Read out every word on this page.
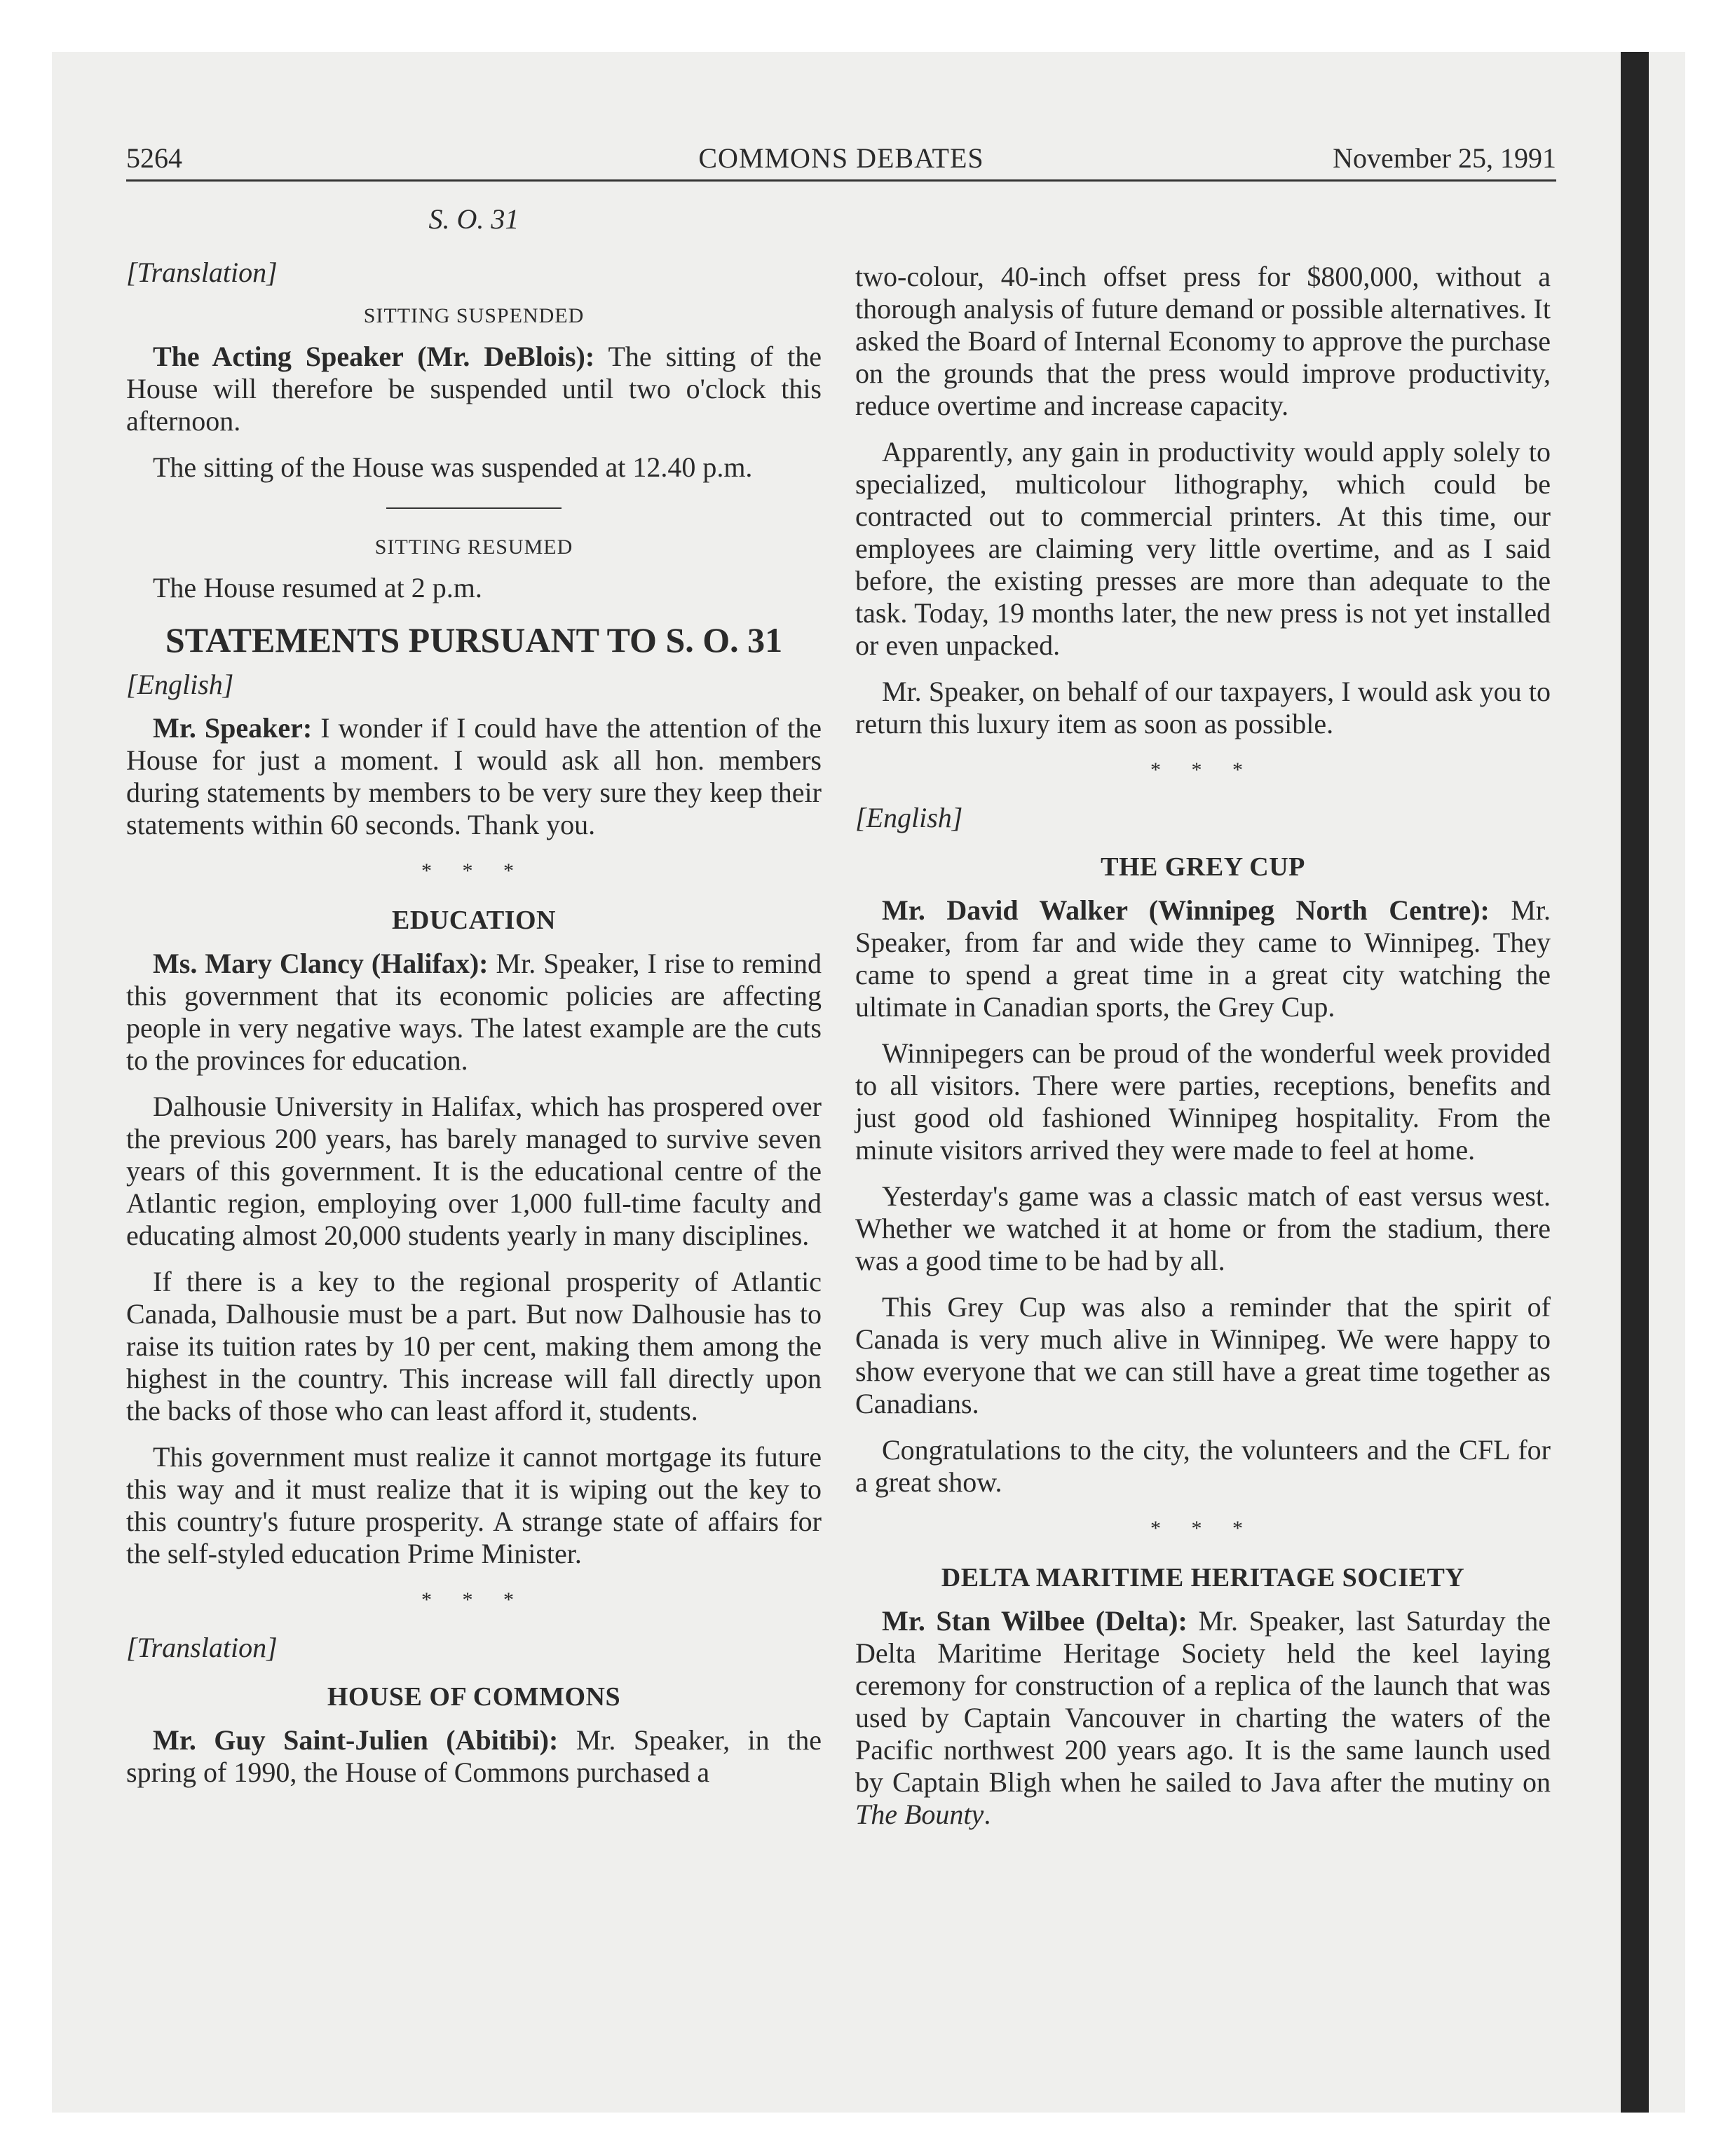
5264	COMMONS DEBATES	November 25, 1991

S. O. 31

[Translation]

SITTING SUSPENDED

The Acting Speaker (Mr. DeBlois): The sitting of the House will therefore be suspended until two o'clock this afternoon.

The sitting of the House was suspended at 12.40 p.m.

SITTING RESUMED

The House resumed at 2 p.m.

STATEMENTS PURSUANT TO S. O. 31

[English]

Mr. Speaker: I wonder if I could have the attention of the House for just a moment. I would ask all hon. members during statements by members to be very sure they keep their statements within 60 seconds. Thank you.

* * *

EDUCATION

Ms. Mary Clancy (Halifax): Mr. Speaker, I rise to remind this government that its economic policies are affecting people in very negative ways. The latest example are the cuts to the provinces for education.

Dalhousie University in Halifax, which has prospered over the previous 200 years, has barely managed to survive seven years of this government. It is the educational centre of the Atlantic region, employing over 1,000 full-time faculty and educating almost 20,000 students yearly in many disciplines.

If there is a key to the regional prosperity of Atlantic Canada, Dalhousie must be a part. But now Dalhousie has to raise its tuition rates by 10 per cent, making them among the highest in the country. This increase will fall directly upon the backs of those who can least afford it, students.

This government must realize it cannot mortgage its future this way and it must realize that it is wiping out the key to this country's future prosperity. A strange state of affairs for the self-styled education Prime Minister.

* * *

[Translation]

HOUSE OF COMMONS

Mr. Guy Saint-Julien (Abitibi): Mr. Speaker, in the spring of 1990, the House of Commons purchased a

two-colour, 40-inch offset press for $800,000, without a thorough analysis of future demand or possible alternatives. It asked the Board of Internal Economy to approve the purchase on the grounds that the press would improve productivity, reduce overtime and increase capacity.

Apparently, any gain in productivity would apply solely to specialized, multicolour lithography, which could be contracted out to commercial printers. At this time, our employees are claiming very little overtime, and as I said before, the existing presses are more than adequate to the task. Today, 19 months later, the new press is not yet installed or even unpacked.

Mr. Speaker, on behalf of our taxpayers, I would ask you to return this luxury item as soon as possible.

* * *

[English]

THE GREY CUP

Mr. David Walker (Winnipeg North Centre): Mr. Speaker, from far and wide they came to Winnipeg. They came to spend a great time in a great city watching the ultimate in Canadian sports, the Grey Cup.

Winnipegers can be proud of the wonderful week provided to all visitors. There were parties, receptions, benefits and just good old fashioned Winnipeg hospitality. From the minute visitors arrived they were made to feel at home.

Yesterday's game was a classic match of east versus west. Whether we watched it at home or from the stadium, there was a good time to be had by all.

This Grey Cup was also a reminder that the spirit of Canada is very much alive in Winnipeg. We were happy to show everyone that we can still have a great time together as Canadians.

Congratulations to the city, the volunteers and the CFL for a great show.

* * *

DELTA MARITIME HERITAGE SOCIETY

Mr. Stan Wilbee (Delta): Mr. Speaker, last Saturday the Delta Maritime Heritage Society held the keel laying ceremony for construction of a replica of the launch that was used by Captain Vancouver in charting the waters of the Pacific northwest 200 years ago. It is the same launch used by Captain Bligh when he sailed to Java after the mutiny on The Bounty.
